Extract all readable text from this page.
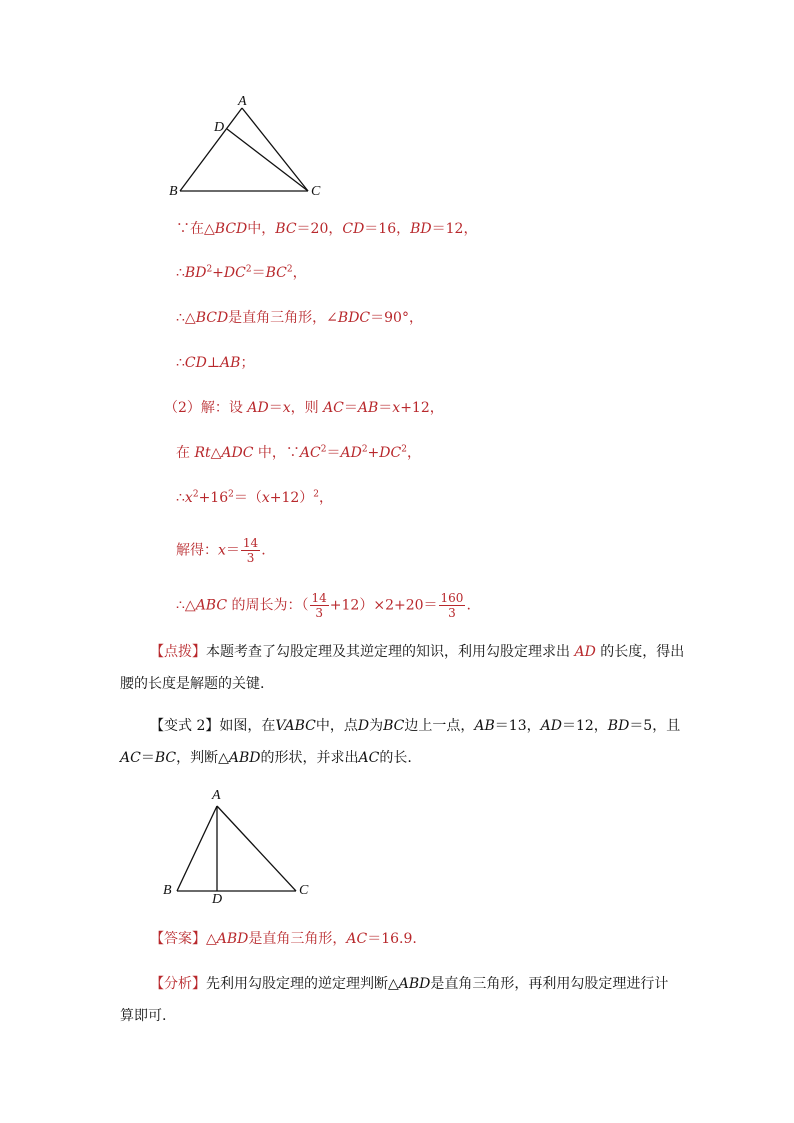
A
D
B	C
∵在△BCD中，BC＝20，CD＝16，BD＝12，
$\therefore BD^2+DC^2=BC^2$，
∴△BCD是直角三角形，∠BDC＝90°，
∴CD⊥AB；
（2）解：设 AD＝x，则 AC＝AB＝x+12，
在 Rt△ADC 中，$\because AC^2=AD^2+DC^2$，
$\therefore x^2+16^2=(x+12)^2$，
解得：$x= \frac{14}{3}$ .
∴△ABC 的周长为：（ $\frac{14}{3} +12)\times 2+20= \frac{160}{3}$ .
【点拨】本题考查了勾股定理及其逆定理的知识，利用勾股定理求出 AD 的长度，得出
腰的长度是解题的关键.
【变式 2】如图，在VABC中，点D为BC边上一点，AB＝13，AD＝12，BD＝5，且
AC＝BC，判断△ABD的形状，并求出AC的长.
A
B	C
D
【答案】△ABD是直角三角形，AC＝16.9.
【分析】先利用勾股定理的逆定理判断△ABD是直角三角形，再利用勾股定理进行计
算即可.
